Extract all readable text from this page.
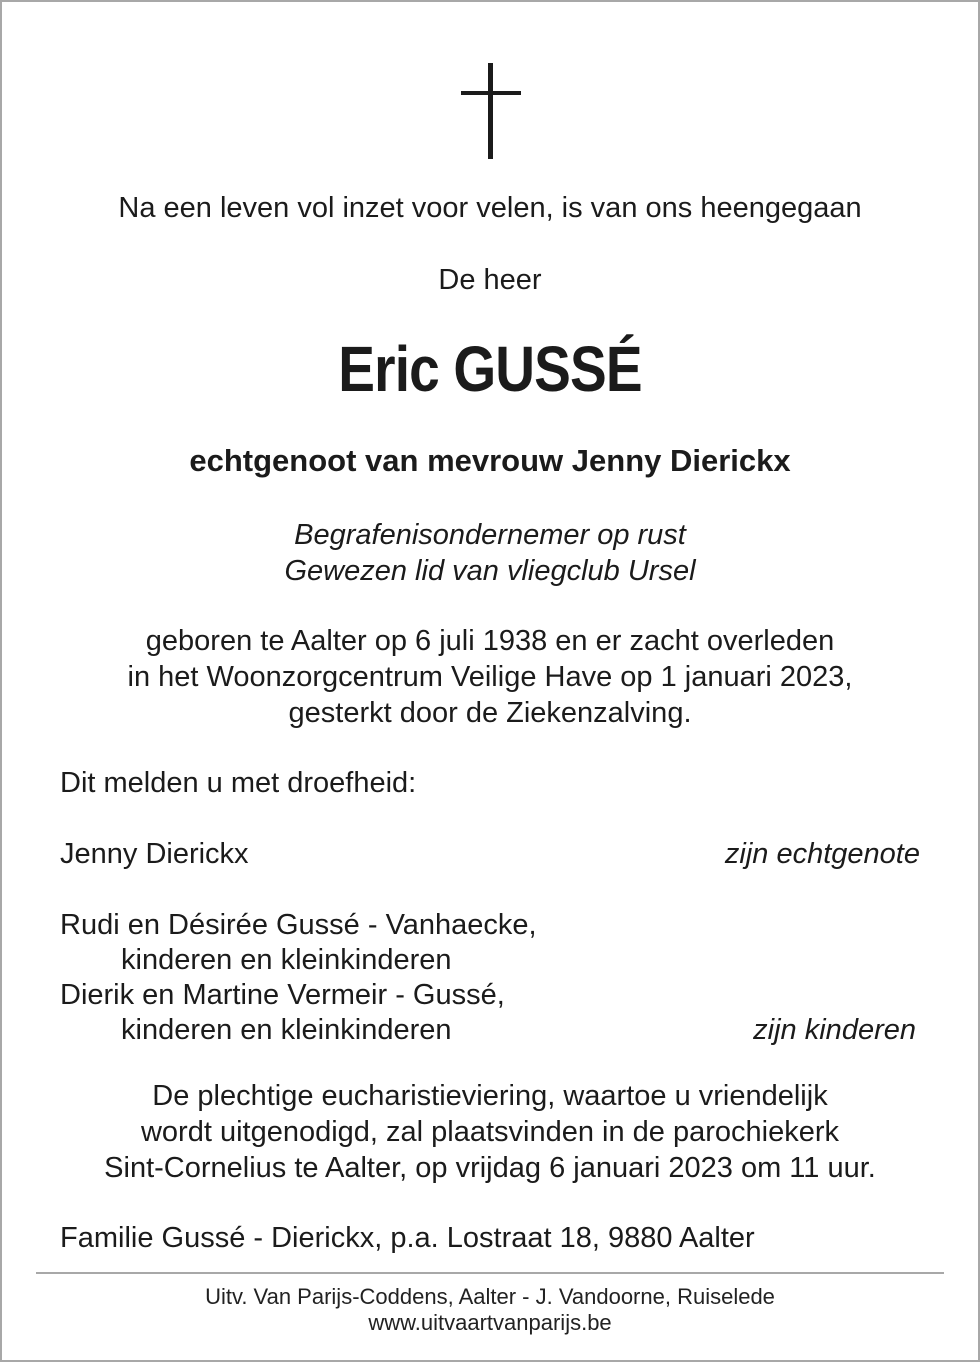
Na een leven vol inzet voor velen, is van ons heengegaan
De heer
Eric GUSSÉ
echtgenoot van mevrouw Jenny Dierickx
Begrafenisondernemer op rust
Gewezen lid van vliegclub Ursel
geboren te Aalter op 6 juli 1938 en er zacht overleden
in het Woonzorgcentrum Veilige Have op 1 januari 2023,
gesterkt door de Ziekenzalving.
Dit melden u met droefheid:
Jenny Dierickx	zijn echtgenote
Rudi en Désirée Gussé - Vanhaecke,
kinderen en kleinkinderen
Dierik en Martine Vermeir - Gussé,
kinderen en kleinkinderen	zijn kinderen
De plechtige eucharistieviering, waartoe u vriendelijk
wordt uitgenodigd, zal plaatsvinden in de parochiekerk
Sint-Cornelius te Aalter, op vrijdag 6 januari 2023 om 11 uur.
Familie Gussé - Dierickx, p.a. Lostraat 18, 9880 Aalter
Uitv. Van Parijs-Coddens, Aalter - J. Vandoorne, Ruiselede
www.uitvaartvanparijs.be
